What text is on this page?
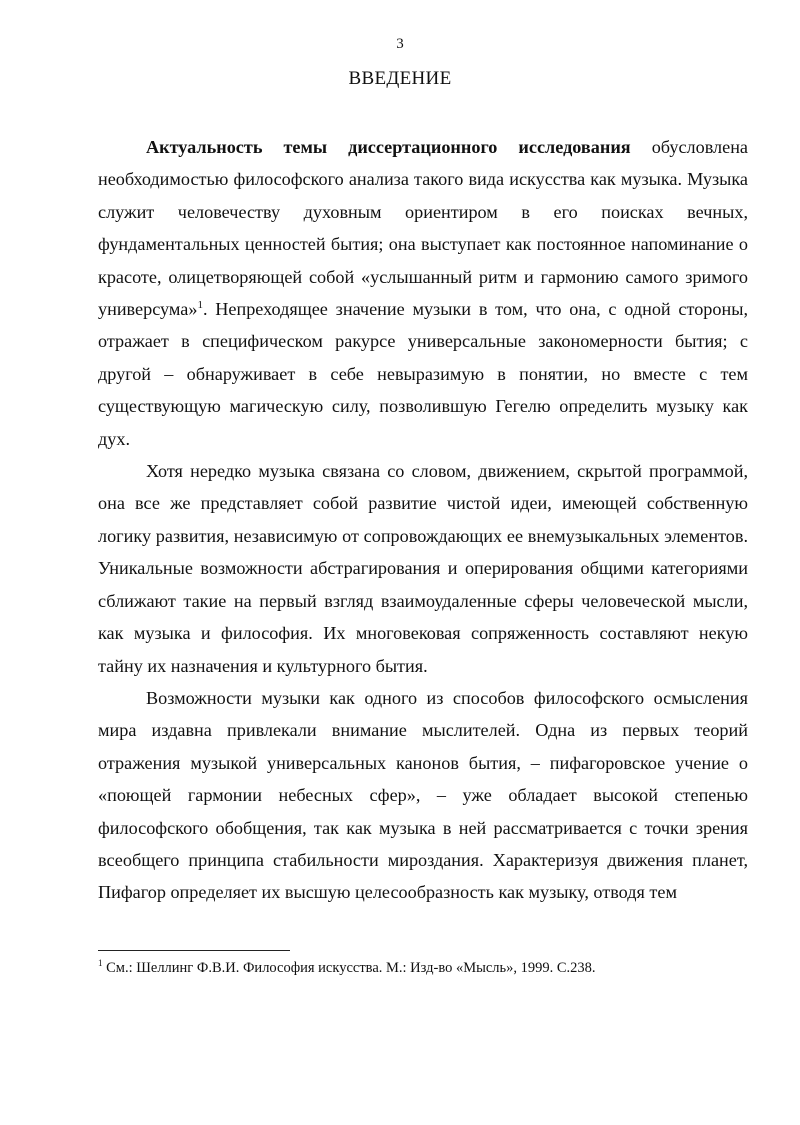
3
ВВЕДЕНИЕ

Актуальность темы диссертационного исследования обусловлена необходимостью философского анализа такого вида искусства как музыка. Музыка служит человечеству духовным ориентиром в его поисках вечных, фундаментальных ценностей бытия; она выступает как постоянное напоминание о красоте, олицетворяющей собой «услышанный ритм и гармонию самого зримого универсума»$^1$. Непреходящее значение музыки в том, что она, с одной стороны, отражает в специфическом ракурсе универсальные закономерности бытия; с другой – обнаруживает в себе невыразимую в понятии, но вместе с тем существующую магическую силу, позволившую Гегелю определить музыку как дух.

Хотя нередко музыка связана со словом, движением, скрытой программой, она все же представляет собой развитие чистой идеи, имеющей собственную логику развития, независимую от сопровождающих ее внемузыкальных элементов. Уникальные возможности абстрагирования и оперирования общими категориями сближают такие на первый взгляд взаимоудаленные сферы человеческой мысли, как музыка и философия. Их многовековая сопряженность составляют некую тайну их назначения и культурного бытия.

Возможности музыки как одного из способов философского осмысления мира издавна привлекали внимание мыслителей. Одна из первых теорий отражения музыкой универсальных канонов бытия, – пифагоровское учение о «поющей гармонии небесных сфер», – уже обладает высокой степенью философского обобщения, так как музыка в ней рассматривается с точки зрения всеобщего принципа стабильности мироздания. Характеризуя движения планет, Пифагор определяет их высшую целесообразность как музыку, отводя тем

$^1$ См.: Шеллинг Ф.В.И. Философия искусства. М.: Изд-во «Мысль», 1999. С.238.
